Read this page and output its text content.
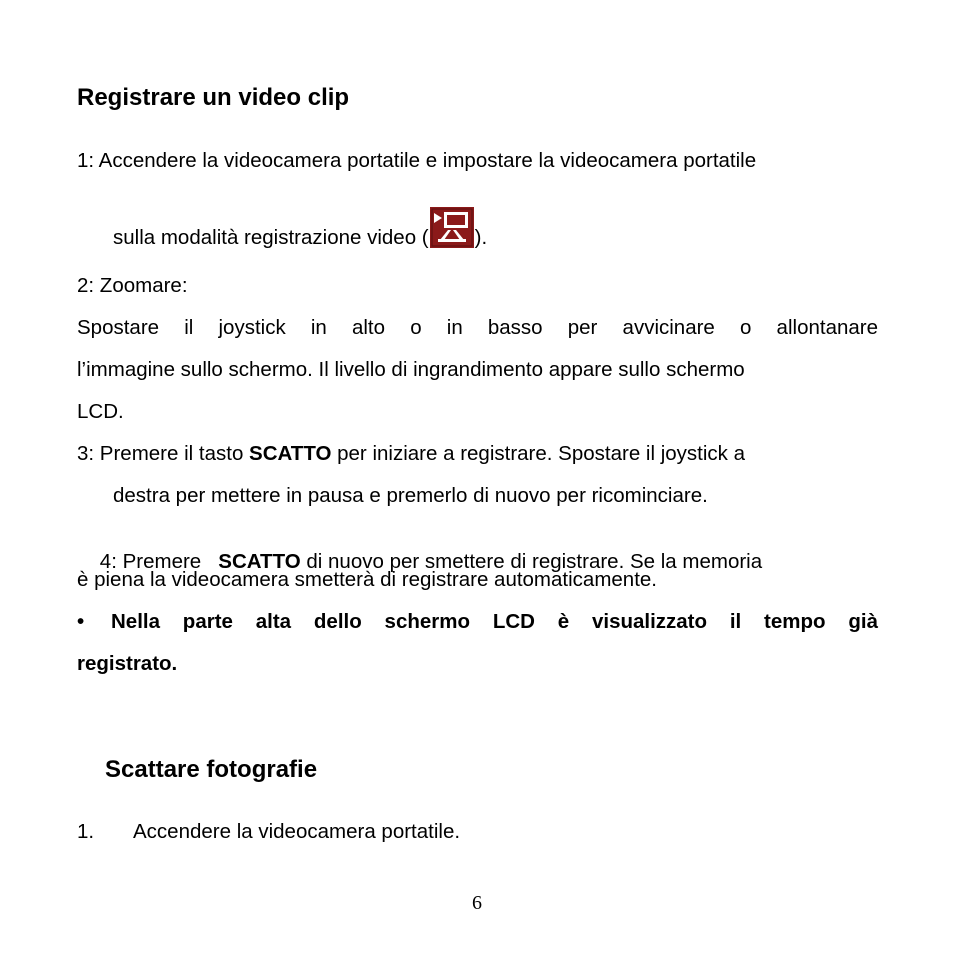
Registrare un video clip
1: Accendere la videocamera portatile e impostare la videocamera portatile
sulla modalità registrazione video ( ).
2: Zoomare:
Spostare il joystick in alto o in basso per avvicinare o allontanare
l’immagine sullo schermo. Il livello di ingrandimento appare sullo schermo
LCD.
3: Premere il tasto SCATTO per iniziare a registrare. Spostare il joystick a
destra per mettere in pausa e premerlo di nuovo per ricominciare.

4: Premere   SCATTO di nuovo per smettere di registrare. Se la memoria

è piena la videocamera smetterà di registrare automaticamente.
• Nella parte alta dello schermo LCD è visualizzato il tempo già
registrato.
Scattare fotografie
1. Accendere la videocamera portatile.
6
